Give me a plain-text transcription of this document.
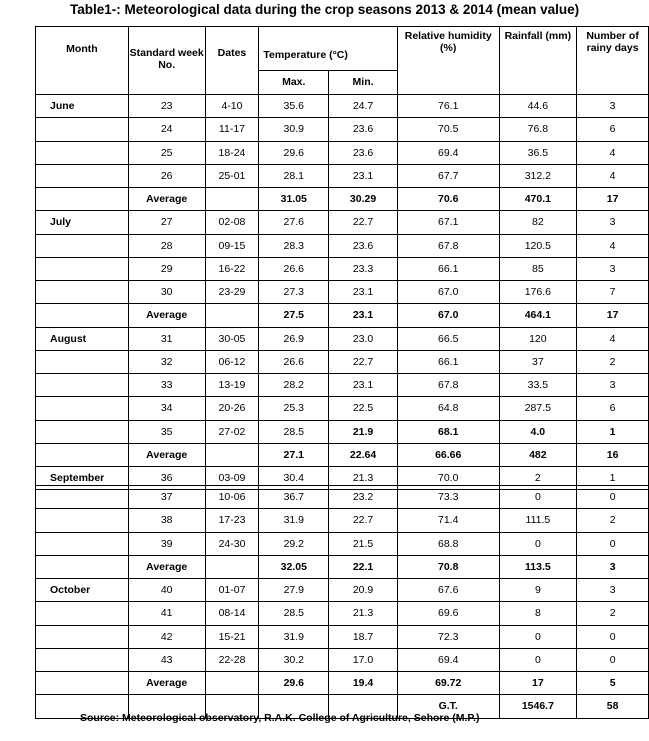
Table1-: Meteorological data during the crop seasons 2013 & 2014 (mean value)
Month	Standard week No.	Dates	Temperature (°C)		Relative humidity (%)	Rainfall (mm)	Number of rainy days
			Max.	Min.			
June	23	4-10	35.6	24.7	76.1	44.6	3
	24	11-17	30.9	23.6	70.5	76.8	6
	25	18-24	29.6	23.6	69.4	36.5	4
	26	25-01	28.1	23.1	67.7	312.2	4
	Average		31.05	30.29	70.6	470.1	17
July	27	02-08	27.6	22.7	67.1	82	3
	28	09-15	28.3	23.6	67.8	120.5	4
	29	16-22	26.6	23.3	66.1	85	3
	30	23-29	27.3	23.1	67.0	176.6	7
	Average		27.5	23.1	67.0	464.1	17
August	31	30-05	26.9	23.0	66.5	120	4
	32	06-12	26.6	22.7	66.1	37	2
	33	13-19	28.2	23.1	67.8	33.5	3
	34	20-26	25.3	22.5	64.8	287.5	6
	35	27-02	28.5	21.9	68.1	4.0	1
	Average		27.1	22.64	66.66	482	16
September	36	03-09	30.4	21.3	70.0	2	1
	37	10-06	36.7	23.2	73.3	0	0
	38	17-23	31.9	22.7	71.4	111.5	2
	39	24-30	29.2	21.5	68.8	0	0
	Average		32.05	22.1	70.8	113.5	3
October	40	01-07	27.9	20.9	67.6	9	3
	41	08-14	28.5	21.3	69.6	8	2
	42	15-21	31.9	18.7	72.3	0	0
	43	22-28	30.2	17.0	69.4	0	0
	Average		29.6	19.4	69.72	17	5
					G.T.	1546.7	58
Source: Meteorological observatory, R.A.K. College of Agriculture, Sehore (M.P.)
